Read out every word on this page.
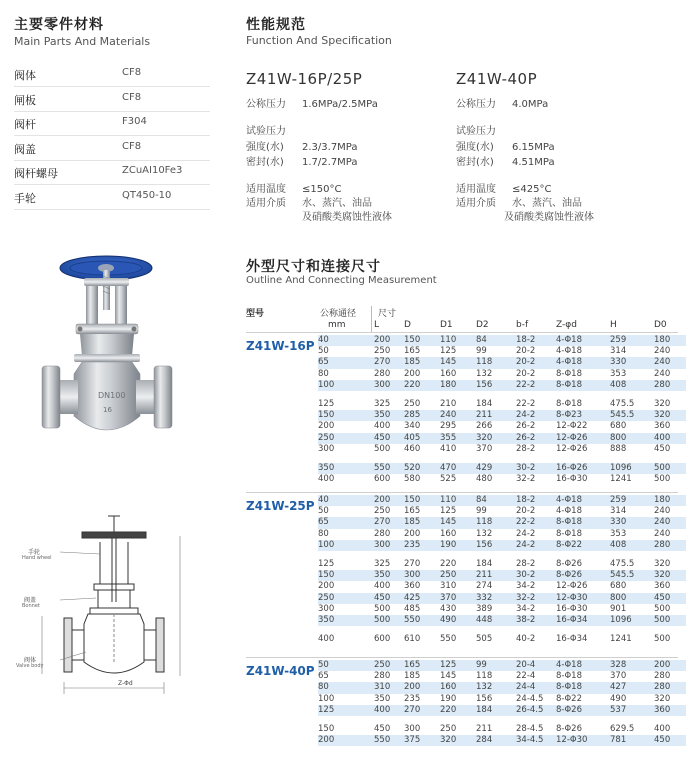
主要零件材料
Main Parts And Materials
阀体	CF8
闸板	CF8
阀杆	F304
阀盖	CF8
阀杆螺母	ZCuAI10Fe3
手轮	QT450-10
性能规范
Function And Specification
Z41W-16P/25P
公称压力 1.6MPa/2.5MPa
试验压力
强度(水) 2.3/3.7MPa
密封(水) 1.7/2.7MPa
适用温度 ≤150°C
适用介质 水、蒸汽、油品
及硝酸类腐蚀性液体
Z41W-40P
公称压力 4.0MPa
试验压力
强度(水) 6.15MPa
密封(水) 4.51MPa
适用温度 ≤425°C
适用介质 水、蒸汽、油品
及硝酸类腐蚀性液体
外型尺寸和连接尺寸
Outline And Connecting Measurement
型号	公称通径
mm
尺寸
L	D	D1	D2	b-f	Z-φd	H	D0
Z41W-16P 40	200	150	110	84	18-2	4-Φ18	259	180
50	250	165	125	99	20-2	4-Φ18	314	240
65	270	185	145	118	20-2	4-Φ18	330	240
80	280	200	160	132	20-2	8-Φ18	353	240
100	300	220	180	156	22-2	8-Φ18	408	280

125	325	250	210	184	22-2	8-Φ18	475.5	320
150	350	285	240	211	24-2	8-Φ23	545.5	320
200	400	340	295	266	26-2	12-Φ22	680	360
250	450	405	355	320	26-2	12-Φ26	800	400
300	500	460	410	370	28-2	12-Φ26	888	450

350	550	520	470	429	30-2	16-Φ26	1096	500
400	600	580	525	480	32-2	16-Φ30	1241	500
Z41W-25P 40	200	150	110	84	18-2	4-Φ18	259	180
50	250	165	125	99	20-2	4-Φ18	314	240
65	270	185	145	118	22-2	8-Φ18	330	240
80	280	200	160	132	24-2	8-Φ18	353	240
100	300	235	190	156	24-2	8-Φ22	408	280

125	325	270	220	184	28-2	8-Φ26	475.5	320
150	350	300	250	211	30-2	8-Φ26	545.5	320
200	400	360	310	274	34-2	12-Φ26	680	360
250	450	425	370	332	32-2	12-Φ30	800	450
300	500	485	430	389	34-2	16-Φ30	901	500
350	500	550	490	448	38-2	16-Φ34	1096	500

400	600	610	550	505	40-2	16-Φ34	1241	500
Z41W-40P 50	250	165	125	99	20-4	4-Φ18	328	200
65	280	185	145	118	22-4	8-Φ18	370	280
80	310	200	160	132	24-4	8-Φ18	427	280
100	350	235	190	156	24-4.5	8-Φ22	490	320
125	400	270	220	184	26-4.5	8-Φ26	537	360

150	450	300	250	211	28-4.5	8-Φ26	629.5	400
200	550	375	320	284	34-4.5	12-Φ30	781	450
DN100
16
手轮
Hand wheel
阀盖
Bonnet
阀体
Valve body
Z-Φd
